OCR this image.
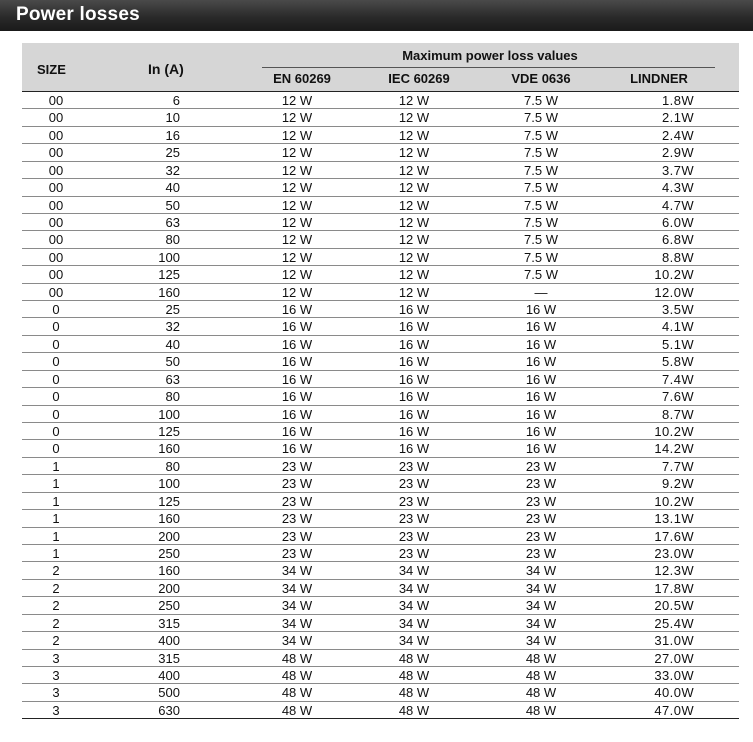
Power losses
SIZE	In (A)
Maximum power loss values
EN 60269	IEC 60269	VDE 0636	LINDNER
00	6	12 W	12 W	7.5 W	1.8W
00	10	12 W	12 W	7.5 W	2.1W
00	16	12 W	12 W	7.5 W	2.4W
00	25	12 W	12 W	7.5 W	2.9W
00	32	12 W	12 W	7.5 W	3.7W
00	40	12 W	12 W	7.5 W	4.3W
00	50	12 W	12 W	7.5 W	4.7W
00	63	12 W	12 W	7.5 W	6.0W
00	80	12 W	12 W	7.5 W	6.8W
00	100	12 W	12 W	7.5 W	8.8W
00	125	12 W	12 W	7.5 W	10.2W
00	160	12 W	12 W	—	12.0W
0	25	16 W	16 W	16 W	3.5W
0	32	16 W	16 W	16 W	4.1W
0	40	16 W	16 W	16 W	5.1W
0	50	16 W	16 W	16 W	5.8W
0	63	16 W	16 W	16 W	7.4W
0	80	16 W	16 W	16 W	7.6W
0	100	16 W	16 W	16 W	8.7W
0	125	16 W	16 W	16 W	10.2W
0	160	16 W	16 W	16 W	14.2W
1	80	23 W	23 W	23 W	7.7W
1	100	23 W	23 W	23 W	9.2W
1	125	23 W	23 W	23 W	10.2W
1	160	23 W	23 W	23 W	13.1W
1	200	23 W	23 W	23 W	17.6W
1	250	23 W	23 W	23 W	23.0W
2	160	34 W	34 W	34 W	12.3W
2	200	34 W	34 W	34 W	17.8W
2	250	34 W	34 W	34 W	20.5W
2	315	34 W	34 W	34 W	25.4W
2	400	34 W	34 W	34 W	31.0W
3	315	48 W	48 W	48 W	27.0W
3	400	48 W	48 W	48 W	33.0W
3	500	48 W	48 W	48 W	40.0W
3	630	48 W	48 W	48 W	47.0W
